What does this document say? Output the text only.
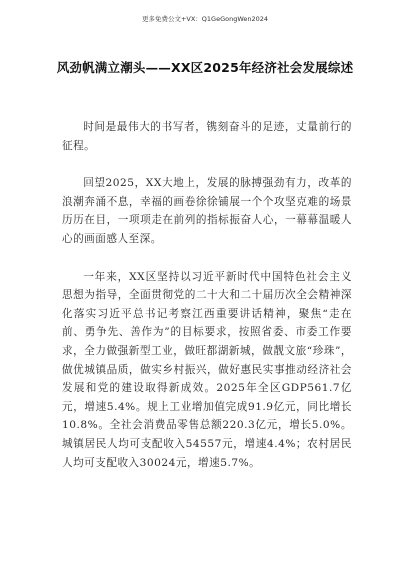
更多免费公文+VX：Q1GeGongWen2024
风劲帆满立潮头——XX区2025年经济社会发展综述

时间是最伟大的书写者，镌刻奋斗的足迹，丈量前行的征程。

回望2025，XX大地上，发展的脉搏强劲有力，改革的浪潮奔涌不息，幸福的画卷徐徐铺展一个个攻坚克难的场景历历在目，一项项走在前列的指标振奋人心，一幕幕温暖人心的画面感人至深。

一年来，XX区坚持以习近平新时代中国特色社会主义思想为指导，全面贯彻党的二十大和二十届历次全会精神深化落实习近平总书记考察江西重要讲话精神，聚焦“走在前、勇争先、善作为”的目标要求，按照省委、市委工作要求，全力做强新型工业，做旺都湖新城，做靓文旅“珍珠”，做优城镇品质，做实乡村振兴，做好惠民实事推动经济社会发展和党的建设取得新成效。2025年全区GDP561.7亿元，增速5.4%。规上工业增加值完成91.9亿元，同比增长10.8%。全社会消费品零售总额220.3亿元，增长5.0%。城镇居民人均可支配收入54557元，增速4.4%；农村居民人均可支配收入30024元，增速5.7%。
